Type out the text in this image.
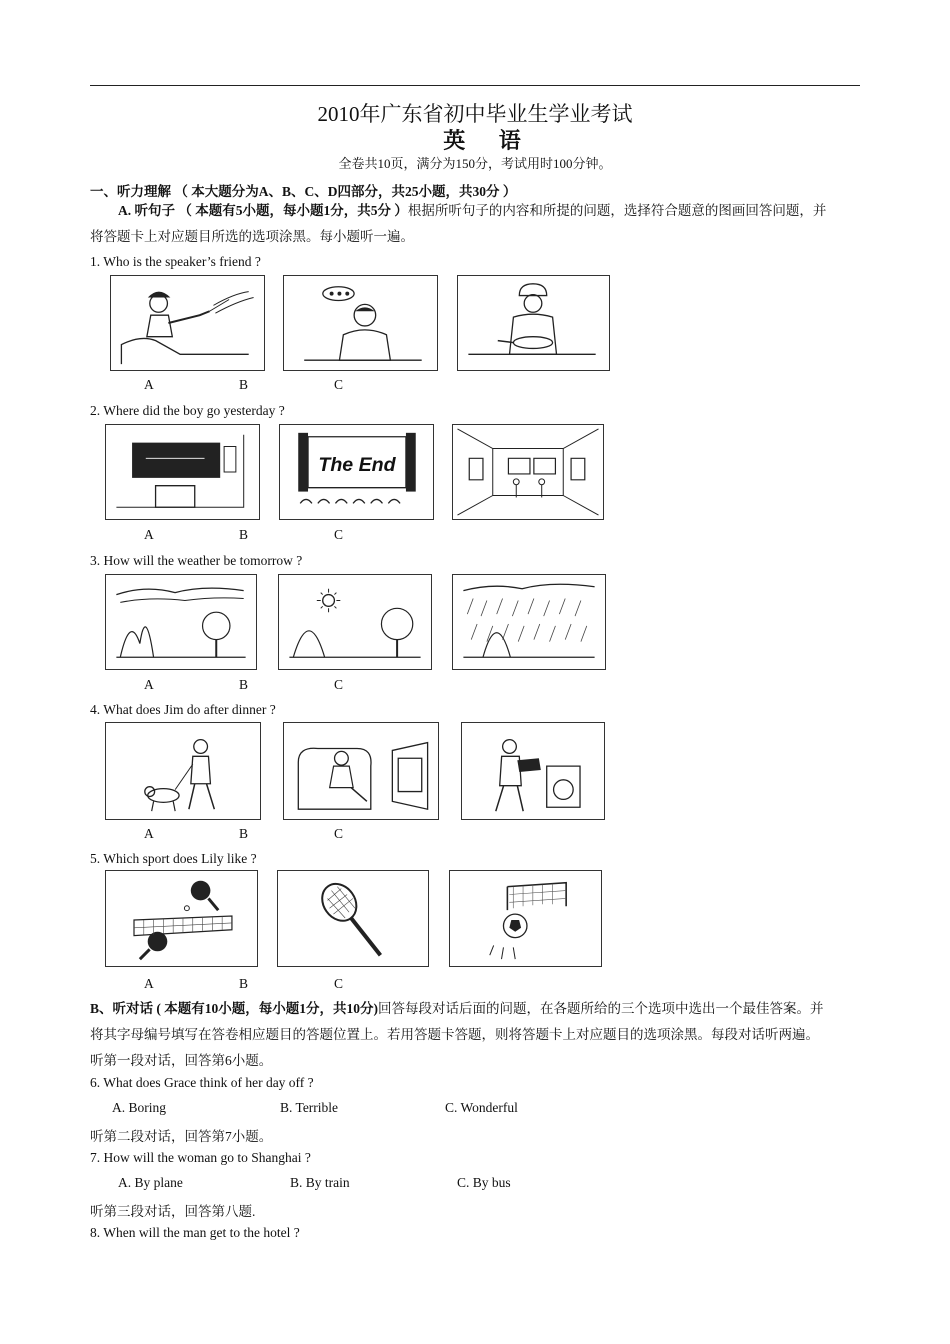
2010年广东省初中毕业生学业考试
英 语
全卷共10页，满分为150分，考试用时100分钟。
一、听力理解 （ 本大题分为A、B、C、D四部分，共25小题，共30分 ）
A. 听句子 （ 本题有5小题，每小题1分，共5分 ）根据所听句子的内容和所提的问题，选择符合题意的图画回答问题，并
将答题卡上对应题目所选的选项涂黑。每小题听一遍。
1. Who is the speaker’s friend ?
A	B	C
2. Where did the boy go yesterday ?
The End
A	B	C
3. How will the weather be tomorrow ?
A	B	C
4. What does Jim do after dinner ?
A	B	C
5. Which sport does Lily like ?
A	B	C
B、听对话 ( 本题有10小题，每小题1分，共10分)回答每段对话后面的问题，在各题所给的三个选项中选出一个最佳答案。并
将其字母编号填写在答卷相应题目的答题位置上。若用答题卡答题，则将答题卡上对应题目的选项涂黑。每段对话听两遍。
听第一段对话，回答第6小题。
6. What does Grace think of her day off ?
A. Boring	B. Terrible	C. Wonderful
听第二段对话，回答第7小题。
7. How will the woman go to Shanghai ?
A. By plane	B. By train	C. By bus
听第三段对话，回答第八题.
8. When will the man get to the hotel ?
